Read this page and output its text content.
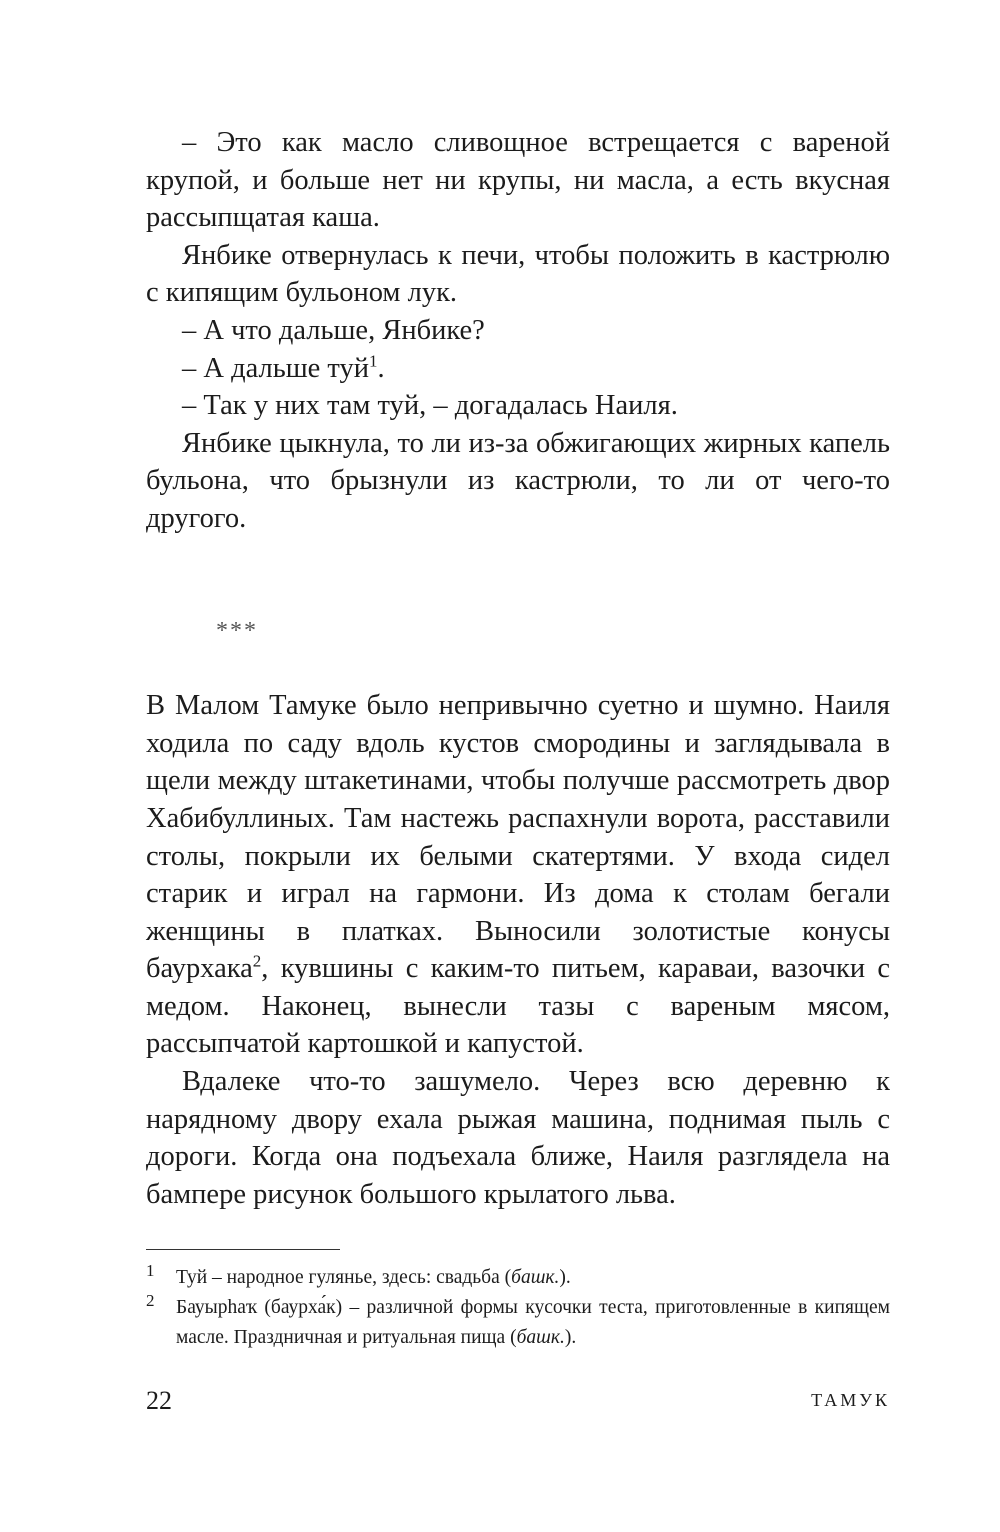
– Это как масло сливощное встрещается с вареной крупой, и больше нет ни крупы, ни масла, а есть вкусная рассыпщатая каша.

Янбике отвернулась к печи, чтобы положить в кастрюлю с кипящим бульоном лук.

– А что дальше, Янбике?

– А дальше туй$^1$.

– Так у них там туй, – догадалась Наиля.

Янбике цыкнула, то ли из-за обжигающих жирных капель бульона, что брызнули из кастрюли, то ли от чего-то другого.

***

В Малом Тамуке было непривычно суетно и шумно. Наиля ходила по саду вдоль кустов смородины и заглядывала в щели между штакетинами, чтобы получше рассмотреть двор Хабибуллиных. Там настежь распахнули ворота, расставили столы, покрыли их белыми скатертями. У входа сидел старик и играл на гармони. Из дома к столам бегали женщины в платках. Выносили золотистые конусы баурхака$^2$, кувшины с каким-то питьем, караваи, вазочки с медом. Наконец, вынесли тазы с вареным мясом, рассыпчатой картошкой и капустой.

Вдалеке что-то зашумело. Через всю деревню к нарядному двору ехала рыжая машина, поднимая пыль с дороги. Когда она подъехала ближе, Наиля разглядела на бампере рисунок большого крылатого льва.

1 Туй – народное гулянье, здесь: свадьба (башк.).

2 Бауырһаҡ (баурха́к) – различной формы кусочки теста, приготовленные в кипящем масле. Праздничная и ритуальная пища (башк.).

22	ТАМУК
